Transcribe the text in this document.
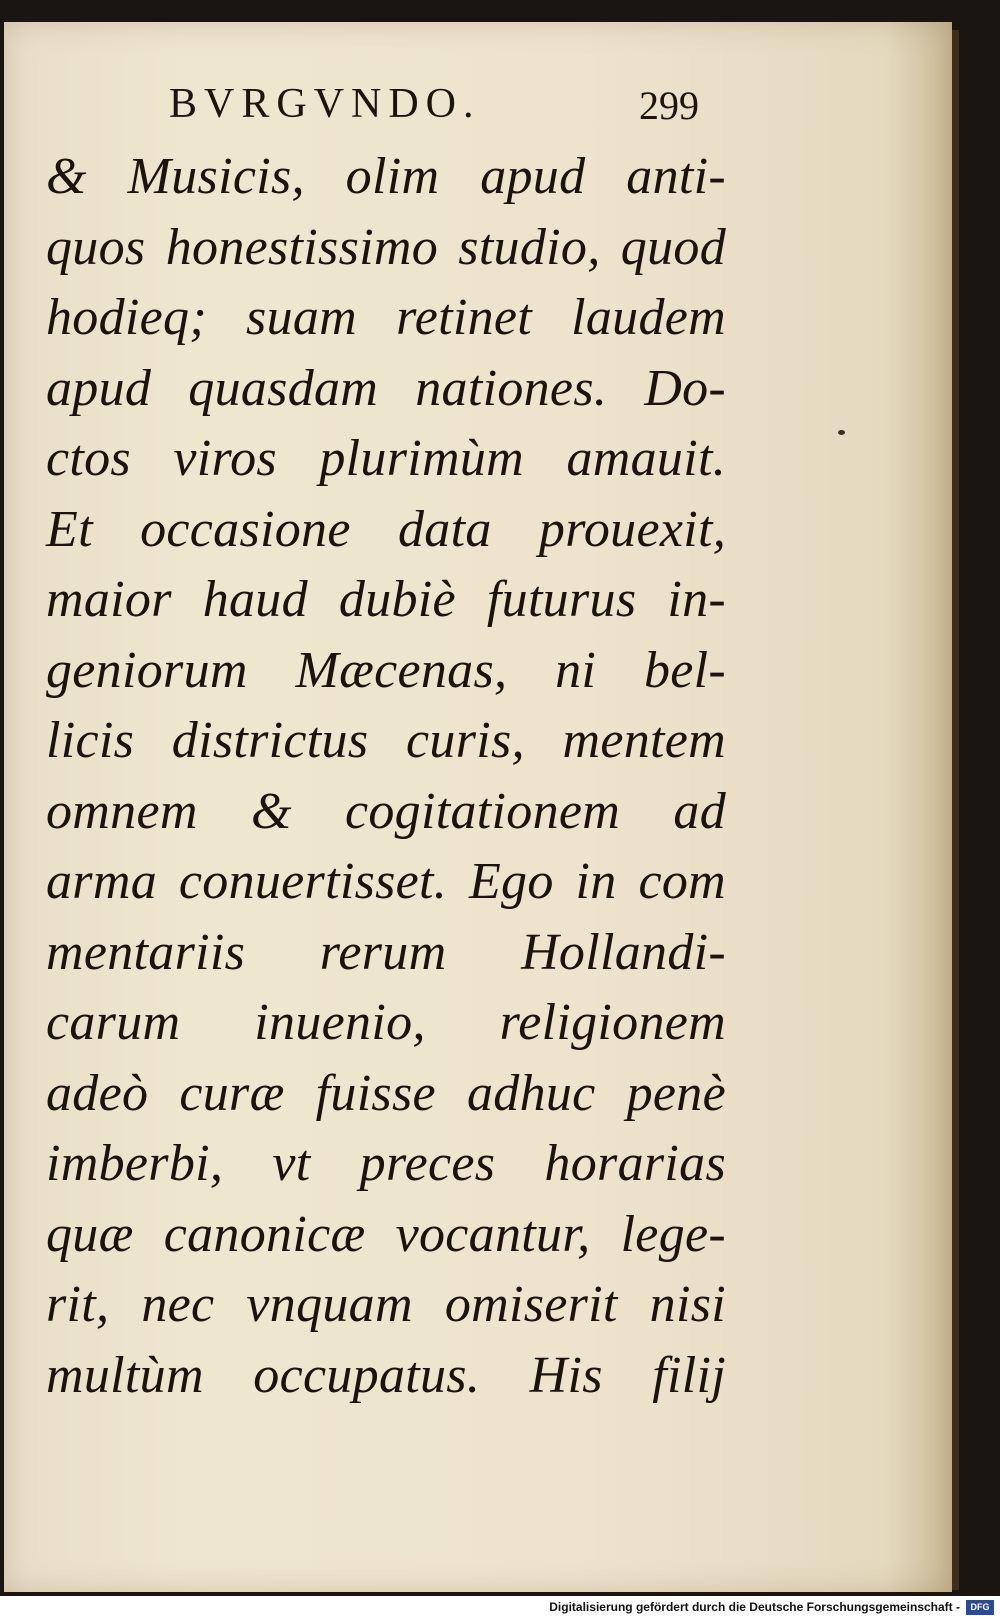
BVRGVNDO.	299
& Musicis, olim apud anti-
quos honestissimo studio, quod
hodieq; suam retinet laudem
apud quasdam nationes. Do-
ctos viros plurimùm amauit.
Et occasione data prouexit,
maior haud dubiè futurus in-
geniorum Mæcenas, ni bel-
licis districtus curis, mentem
omnem & cogitationem ad
arma conuertisset. Ego in com
mentariis rerum Hollandi-
carum inuenio, religionem
adeò curæ fuisse adhuc penè
imberbi, vt preces horarias
quæ canonicæ vocantur, lege-
rit, nec vnquam omiserit nisi
multùm occupatus. His filij
Digitalisierung gefördert durch die Deutsche Forschungsgemeinschaft -	DFG
